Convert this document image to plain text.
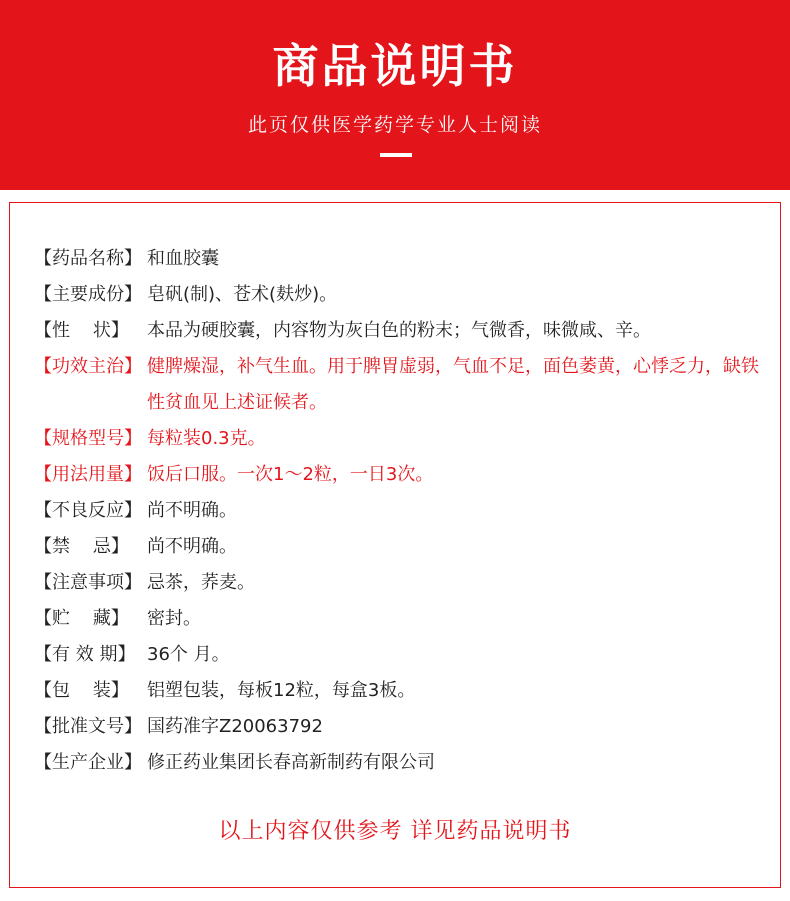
商品说明书
此页仅供医学药学专业人士阅读
【药品名称】 和血胶囊
【主要成份】 皂矾(制)、苍术(麸炒)。
【性    状】	本品为硬胶囊，内容物为灰白色的粉末；气微香，味微咸、辛。
【功效主治】 健脾燥湿，补气生血。用于脾胃虚弱，气血不足，面色萎黄，心悸乏力，缺铁性贫血见上述证候者。
【规格型号】 每粒装0.3克。
【用法用量】 饭后口服。一次1～2粒，一日3次。
【不良反应】 尚不明确。
【禁    忌】	尚不明确。
【注意事项】 忌茶，荞麦。
【贮    藏】	密封。
【有 效 期】 36个 月。
【包    装】	铝塑包装，每板12粒，每盒3板。
【批准文号】 国药准字Z20063792
【生产企业】 修正药业集团长春高新制药有限公司
以上内容仅供参考 详见药品说明书
